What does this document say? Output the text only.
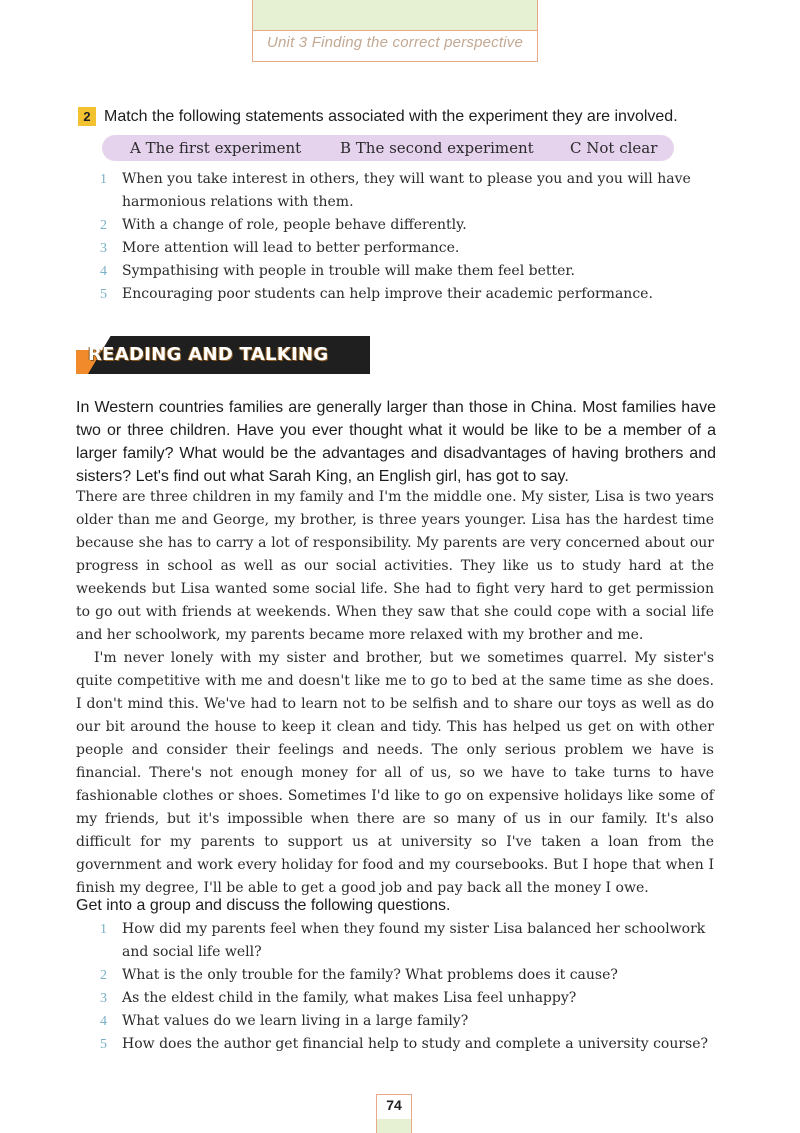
Unit 3 Finding the correct perspective
2 Match the following statements associated with the experiment they are involved.
A The first experiment	B The second experiment C Not clear
1 When you take interest in others, they will want to please you and you will have harmonious relations with them.
2 With a change of role, people behave differently.
3 More attention will lead to better performance.
4 Sympathising with people in trouble will make them feel better.
5 Encouraging poor students can help improve their academic performance.
READING AND TALKING
In Western countries families are generally larger than those in China. Most families have two or three children. Have you ever thought what it would be like to be a member of a larger family? What would be the advantages and disadvantages of having brothers and sisters? Let's find out what Sarah King, an English girl, has got to say.

There are three children in my family and I'm the middle one. My sister, Lisa is two years older than me and George, my brother, is three years younger. Lisa has the hardest time because she has to carry a lot of responsibility. My parents are very concerned about our progress in school as well as our social activities. They like us to study hard at the weekends but Lisa wanted some social life. She had to fight very hard to get permission to go out with friends at weekends. When they saw that she could cope with a social life and her schoolwork, my parents became more relaxed with my brother and me.

I'm never lonely with my sister and brother, but we sometimes quarrel. My sister's quite competitive with me and doesn't like me to go to bed at the same time as she does. I don't mind this. We've had to learn not to be selfish and to share our toys as well as do our bit around the house to keep it clean and tidy. This has helped us get on with other people and consider their feelings and needs. The only serious problem we have is financial. There's not enough money for all of us, so we have to take turns to have fashionable clothes or shoes. Sometimes I'd like to go on expensive holidays like some of my friends, but it's impossible when there are so many of us in our family. It's also difficult for my parents to support us at university so I've taken a loan from the government and work every holiday for food and my coursebooks. But I hope that when I finish my degree, I'll be able to get a good job and pay back all the money I owe.

Get into a group and discuss the following questions.
1 How did my parents feel when they found my sister Lisa balanced her schoolwork and social life well?
2 What is the only trouble for the family? What problems does it cause?
3 As the eldest child in the family, what makes Lisa feel unhappy?
4 What values do we learn living in a large family?
5 How does the author get financial help to study and complete a university course?
74
